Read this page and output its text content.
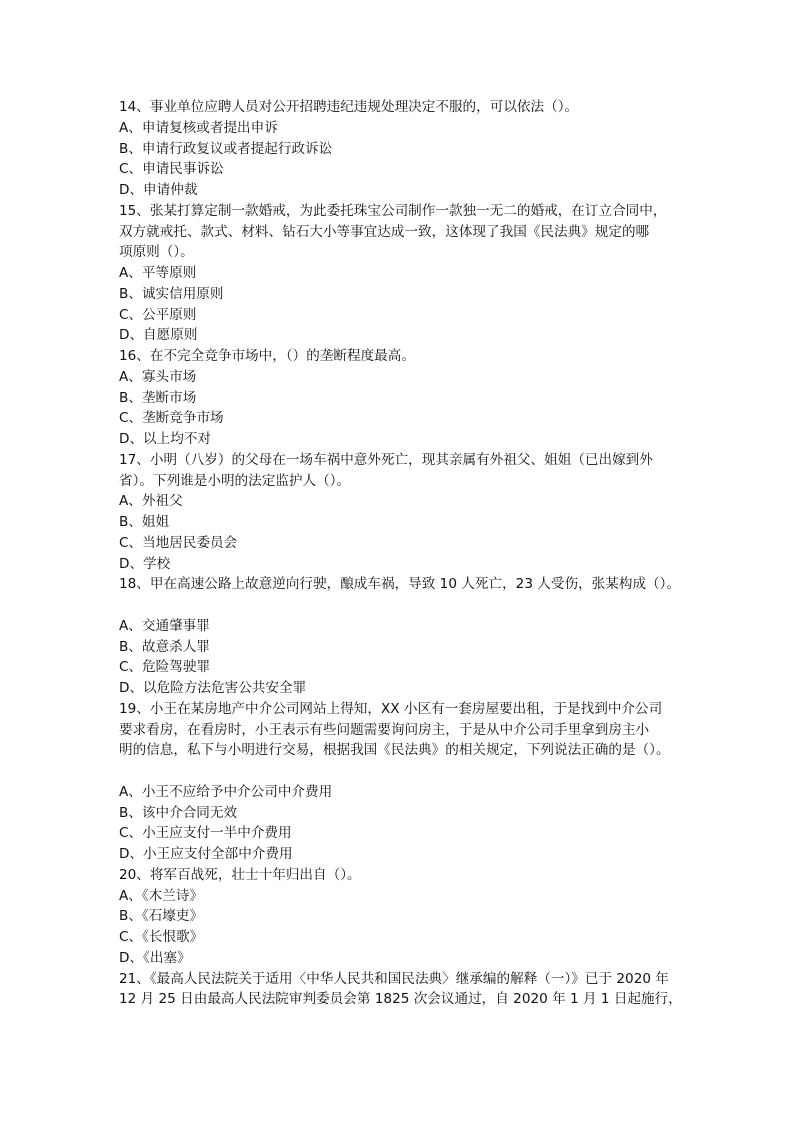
14、事业单位应聘人员对公开招聘违纪违规处理决定不服的，可以依法（）。
A、申请复核或者提出申诉
B、申请行政复议或者提起行政诉讼
C、申请民事诉讼
D、申请仲裁
15、张某打算定制一款婚戒，为此委托珠宝公司制作一款独一无二的婚戒，在订立合同中，
双方就戒托、款式、材料、钻石大小等事宜达成一致，这体现了我国《民法典》规定的哪
项原则（）。
A、平等原则
B、诚实信用原则
C、公平原则
D、自愿原则
16、在不完全竞争市场中，（）的垄断程度最高。
A、寡头市场
B、垄断市场
C、垄断竞争市场
D、以上均不对
17、小明（八岁）的父母在一场车祸中意外死亡，现其亲属有外祖父、姐姐（已出嫁到外
省）。下列谁是小明的法定监护人（）。
A、外祖父
B、姐姐
C、当地居民委员会
D、学校
18、甲在高速公路上故意逆向行驶，酿成车祸，导致 10 人死亡，23 人受伤，张某构成（）。
A、交通肇事罪
B、故意杀人罪
C、危险驾驶罪
D、以危险方法危害公共安全罪
19、小王在某房地产中介公司网站上得知，XX 小区有一套房屋要出租，于是找到中介公司
要求看房，在看房时，小王表示有些问题需要询问房主，于是从中介公司手里拿到房主小
明的信息，私下与小明进行交易，根据我国《民法典》的相关规定，下列说法正确的是（）。
A、小王不应给予中介公司中介费用
B、该中介合同无效
C、小王应支付一半中介费用
D、小王应支付全部中介费用
20、将军百战死，壮士十年归出自（）。
A、《木兰诗》
B、《石壕吏》
C、《长恨歌》
D、《出塞》
21、《最高人民法院关于适用〈中华人民共和国民法典〉继承编的解释（一）》已于 2020 年
12 月 25 日由最高人民法院审判委员会第 1825 次会议通过，自 2020 年 1 月 1 日起施行，
